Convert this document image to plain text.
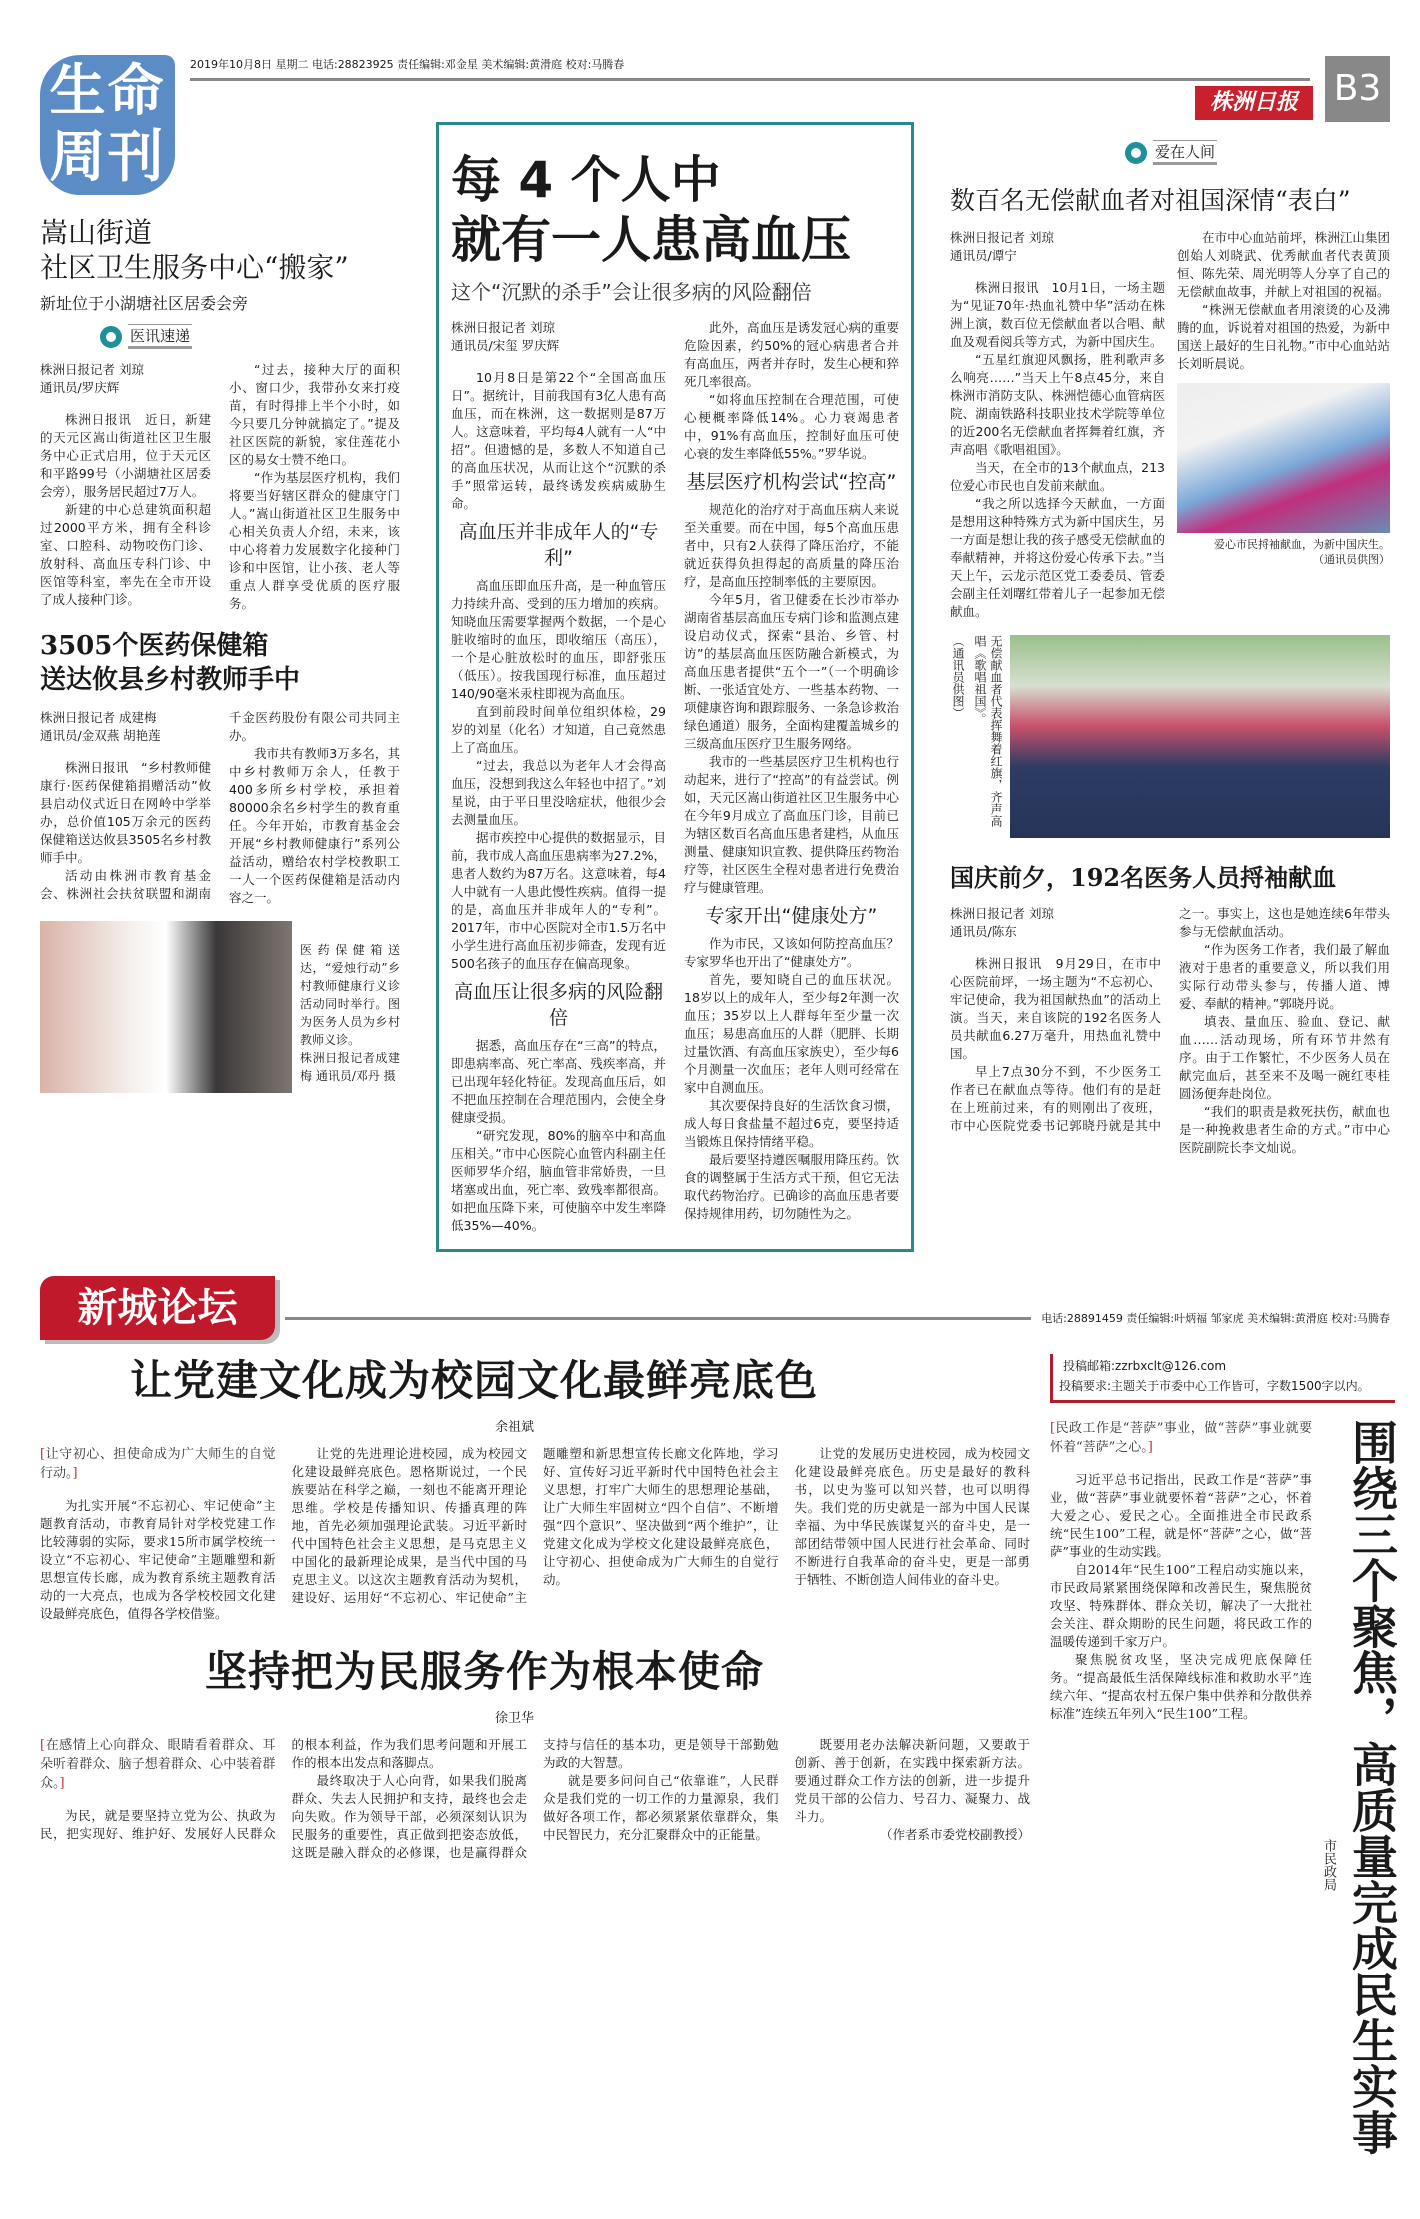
生命周刊
2019年10月8日 星期二 电话:28823925 责任编辑:邓金星 美术编辑:黄滑庭 校对:马腾春
株洲日报 B3
嵩山街道
社区卫生服务中心“搬家”
新址位于小湖塘社区居委会旁
医讯速递
株洲日报记者 刘琼
通讯员/罗庆辉

株洲日报讯　近日，新建的天元区嵩山街道社区卫生服务中心正式启用，位于天元区和平路99号（小湖塘社区居委会旁），服务居民超过7万人。

新建的中心总建筑面积超过2000平方米，拥有全科诊室、口腔科、动物咬伤门诊、放射科、高血压专科门诊、中医馆等科室，率先在全市开设了成人接种门诊。

“过去，接种大厅的面积小、窗口少，我带孙女来打疫苗，有时得排上半个小时，如今只要几分钟就搞定了。”提及社区医院的新貌，家住莲花小区的易女士赞不绝口。

“作为基层医疗机构，我们将要当好辖区群众的健康守门人。”嵩山街道社区卫生服务中心相关负责人介绍，未来，该中心将着力发展数字化接种门诊和中医馆，让小孩、老人等重点人群享受优质的医疗服务。

3505个医药保健箱
送达攸县乡村教师手中
株洲日报记者 成建梅
通讯员/金双燕 胡艳莲

株洲日报讯　“乡村教师健康行·医药保健箱捐赠活动”攸县启动仪式近日在网岭中学举办，总价值105万余元的医药保健箱送达攸县3505名乡村教师手中。

活动由株洲市教育基金会、株洲社会扶贫联盟和湖南千金医药股份有限公司共同主办。

我市共有教师3万多名，其中乡村教师万余人，任教于400多所乡村学校，承担着80000余名乡村学生的教育重任。今年开始，市教育基金会开展“乡村教师健康行”系列公益活动，赠给农村学校教职工一人一个医药保健箱是活动内容之一。

医药保健箱送达，“爱烛行动”乡村教师健康行义诊活动同时举行。图为医务人员为乡村教师义诊。
株洲日报记者成建梅 通讯员/邓丹 摄
每 4 个人中
就有一人患高血压
这个“沉默的杀手”会让很多病的风险翻倍
株洲日报记者 刘琼
通讯员/宋玺 罗庆辉

10月8日是第22个“全国高血压日”。据统计，目前我国有3亿人患有高血压，而在株洲，这一数据则是87万人。这意味着，平均每4人就有一人“中招”。但遗憾的是，多数人不知道自己的高血压状况，从而让这个“沉默的杀手”照常运转，最终诱发疾病威胁生命。

高血压并非成年人的“专利”

高血压即血压升高，是一种血管压力持续升高、受到的压力增加的疾病。知晓血压需要掌握两个数据，一个是心脏收缩时的血压，即收缩压（高压），一个是心脏放松时的血压，即舒张压（低压）。按我国现行标准，血压超过140/90毫米汞柱即视为高血压。

直到前段时间单位组织体检，29岁的刘星（化名）才知道，自己竟然患上了高血压。

“过去，我总以为老年人才会得高血压，没想到我这么年轻也中招了。”刘星说，由于平日里没啥症状，他很少会去测量血压。

据市疾控中心提供的数据显示，目前，我市成人高血压患病率为27.2%，患者人数约为87万名。这意味着，每4人中就有一人患此慢性疾病。值得一提的是，高血压并非成年人的“专利”。2017年，市中心医院对全市1.5万名中小学生进行高血压初步筛查，发现有近500名孩子的血压存在偏高现象。

高血压让很多病的风险翻倍

据悉，高血压存在“三高”的特点，即患病率高、死亡率高、残疾率高，并已出现年轻化特征。发现高血压后，如不把血压控制在合理范围内，会使全身健康受损。

“研究发现，80%的脑卒中和高血压相关。”市中心医院心血管内科副主任医师罗华介绍，脑血管非常娇贵，一旦堵塞或出血，死亡率、致残率都很高。如把血压降下来，可使脑卒中发生率降低35%—40%。

此外，高血压是诱发冠心病的重要危险因素，约50%的冠心病患者合并有高血压，两者并存时，发生心梗和猝死几率很高。

“如将血压控制在合理范围，可使心梗概率降低14%。心力衰竭患者中，91%有高血压，控制好血压可使心衰的发生率降低55%。”罗华说。

基层医疗机构尝试“控高”

规范化的治疗对于高血压病人来说至关重要。而在中国，每5个高血压患者中，只有2人获得了降压治疗，不能就近获得负担得起的高质量的降压治疗，是高血压控制率低的主要原因。

今年5月，省卫健委在长沙市举办湖南省基层高血压专病门诊和监测点建设启动仪式，探索“县治、乡管、村访”的基层高血压医防融合新模式，为高血压患者提供“五个一”（一个明确诊断、一张适宜处方、一些基本药物、一项健康咨询和跟踪服务、一条急诊救治绿色通道）服务，全面构建覆盖城乡的三级高血压医疗卫生服务网络。

我市的一些基层医疗卫生机构也行动起来，进行了“控高”的有益尝试。例如，天元区嵩山街道社区卫生服务中心在今年9月成立了高血压门诊，目前已为辖区数百名高血压患者建档，从血压测量、健康知识宣教、提供降压药物治疗等，社区医生全程对患者进行免费治疗与健康管理。

专家开出“健康处方”

作为市民，又该如何防控高血压？专家罗华也开出了“健康处方”。

首先，要知晓自己的血压状况。18岁以上的成年人，至少每2年测一次血压；35岁以上人群每年至少量一次血压；易患高血压的人群（肥胖、长期过量饮酒、有高血压家族史），至少每6个月测量一次血压；老年人则可经常在家中自测血压。

其次要保持良好的生活饮食习惯，成人每日食盐量不超过6克，要坚持适当锻炼且保持情绪平稳。

最后要坚持遵医嘱服用降压药。饮食的调整属于生活方式干预，但它无法取代药物治疗。已确诊的高血压患者要保持规律用药，切勿随性为之。

爱在人间
数百名无偿献血者对祖国深情“表白”
株洲日报记者 刘琼
通讯员/谭宁

株洲日报讯　10月1日，一场主题为“见证70年·热血礼赞中华”活动在株洲上演，数百位无偿献血者以合唱、献血及观看阅兵等方式，为新中国庆生。

“五星红旗迎风飘扬，胜利歌声多么响亮……”当天上午8点45分，来自株洲市消防支队、株洲恺德心血管病医院、湖南铁路科技职业技术学院等单位的近200名无偿献血者挥舞着红旗，齐声高唱《歌唱祖国》。

当天，在全市的13个献血点，213位爱心市民也自发前来献血。

“我之所以选择今天献血，一方面是想用这种特殊方式为新中国庆生，另一方面是想让我的孩子感受无偿献血的奉献精神，并将这份爱心传承下去。”当天上午，云龙示范区党工委委员、管委会副主任刘曙红带着儿子一起参加无偿献血。

在市中心血站前坪，株洲江山集团创始人刘晓武、优秀献血者代表黄顶恒、陈先荣、周光明等人分享了自己的无偿献血故事，并献上对祖国的祝福。

“株洲无偿献血者用滚烫的心及沸腾的血，诉说着对祖国的热爱，为新中国送上最好的生日礼物。”市中心血站站长刘昕晨说。

爱心市民捋袖献血，为新中国庆生。
（通讯员供图）
（通讯员供图）	无偿献血者代表挥舞着红旗，齐声高唱《歌唱祖国》。
国庆前夕，192名医务人员捋袖献血
株洲日报记者 刘琼
通讯员/陈东

株洲日报讯　9月29日，在市中心医院前坪，一场主题为“不忘初心、牢记使命，我为祖国献热血”的活动上演。当天，来自该院的192名医务人员共献血6.27万毫升，用热血礼赞中国。

早上7点30分不到，不少医务工作者已在献血点等待。他们有的是赶在上班前过来，有的则刚出了夜班，市中心医院党委书记郭晓丹就是其中之一。事实上，这也是她连续6年带头参与无偿献血活动。

“作为医务工作者，我们最了解血液对于患者的重要意义，所以我们用实际行动带头参与，传播人道、博爱、奉献的精神。”郭晓丹说。

填表、量血压、验血、登记、献血……活动现场，所有环节井然有序。由于工作繁忙，不少医务人员在献完血后，甚至来不及喝一碗红枣桂圆汤便奔赴岗位。

“我们的职责是救死扶伤，献血也是一种挽救患者生命的方式。”市中心医院副院长李文灿说。

新城论坛	电话:28891459 责任编辑:叶炳福 邹家虎 美术编辑:黄滑庭 校对:马腾春
让党建文化成为校园文化最鲜亮底色
余祖斌
[ 让守初心、担使命成为广大师生的自觉行动。 ]

为扎实开展“不忘初心、牢记使命”主题教育活动，市教育局针对学校党建工作比较薄弱的实际，要求15所市属学校统一设立“不忘初心、牢记使命”主题雕塑和新思想宣传长廊，成为教育系统主题教育活动的一大亮点，也成为各学校校园文化建设最鲜亮底色，值得各学校借鉴。

让党的先进理论进校园，成为校园文化建设最鲜亮底色。恩格斯说过，一个民族要站在科学之巅，一刻也不能离开理论思维。学校是传播知识、传播真理的阵地，首先必须加强理论武装。习近平新时代中国特色社会主义思想，是马克思主义中国化的最新理论成果，是当代中国的马克思主义。以这次主题教育活动为契机，建设好、运用好“不忘初心、牢记使命”主题雕塑和新思想宣传长廊文化阵地，学习好、宣传好习近平新时代中国特色社会主义思想，打牢广大师生的思想理论基础，让广大师生牢固树立“四个自信”、不断增强“四个意识”、坚决做到“两个维护”，让党建文化成为学校文化建设最鲜亮底色，让守初心、担使命成为广大师生的自觉行动。

让党的发展历史进校园，成为校园文化建设最鲜亮底色。历史是最好的教科书，以史为鉴可以知兴替，也可以明得失。我们党的历史就是一部为中国人民谋幸福、为中华民族谋复兴的奋斗史，是一部团结带领中国人民进行社会革命、同时不断进行自我革命的奋斗史，更是一部勇于牺牲、不断创造人间伟业的奋斗史。

坚持把为民服务作为根本使命
徐卫华
[ 在感情上心向群众、眼睛看着群众、耳朵听着群众、脑子想着群众、心中装着群众。 ]

为民，就是要坚持立党为公、执政为民，把实现好、维护好、发展好人民群众的根本利益，作为我们思考问题和开展工作的根本出发点和落脚点。

最终取决于人心向背，如果我们脱离群众、失去人民拥护和支持，最终也会走向失败。作为领导干部，必须深刻认识为民服务的重要性，真正做到把姿态放低，这既是融入群众的必修课，也是赢得群众支持与信任的基本功，更是领导干部勤勉为政的大智慧。

就是要多问问自己“依靠谁”，人民群众是我们党的一切工作的力量源泉，我们做好各项工作，都必须紧紧依靠群众，集中民智民力，充分汇聚群众中的正能量。

既要用老办法解决新问题，又要敢于创新、善于创新，在实践中探索新方法。要通过群众工作方法的创新，进一步提升党员干部的公信力、号召力、凝聚力、战斗力。

（作者系市委党校副教授）

投稿邮箱:zzrbxclt@126.com
投稿要求:主题关于市委中心工作皆可，字数1500字以内。
[ 民政工作是“菩萨”事业，做“菩萨”事业就要怀着“菩萨”之心。 ]

习近平总书记指出，民政工作是“菩萨”事业，做“菩萨”事业就要怀着“菩萨”之心，怀着大爱之心、爱民之心。全面推进全市民政系统“民生100”工程，就是怀“菩萨”之心，做“菩萨”事业的生动实践。

自2014年“民生100”工程启动实施以来，市民政局紧紧围绕保障和改善民生，聚焦脱贫攻坚、特殊群体、群众关切，解决了一大批社会关注、群众期盼的民生问题，将民政工作的温暖传递到千家万户。

聚焦脱贫攻坚，坚决完成兜底保障任务。“提高最低生活保障线标准和救助水平”连续六年、“提高农村五保户集中供养和分散供养标准”连续五年列入“民生100”工程。

市民政局 围绕三个聚焦，高质量完成民生实事
